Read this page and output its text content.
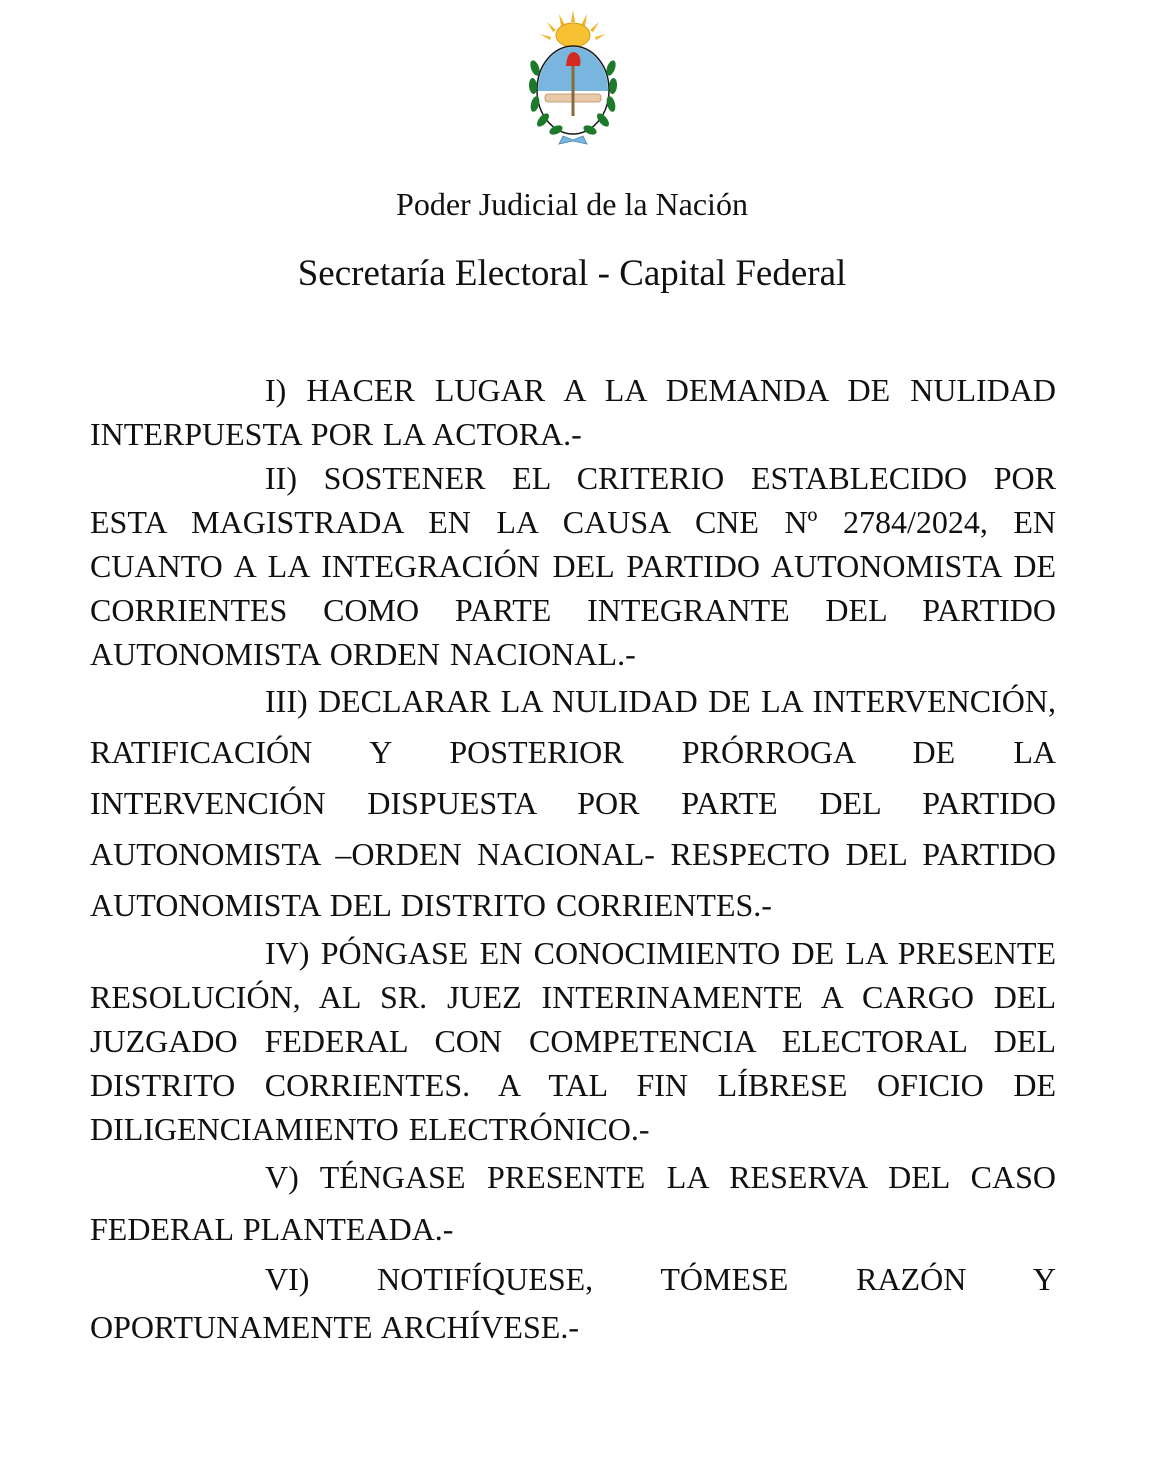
Poder Judicial de la Nación
Secretaría Electoral - Capital Federal

I) HACER LUGAR A LA DEMANDA DE NULIDAD INTERPUESTA POR LA ACTORA.-

II) SOSTENER EL CRITERIO ESTABLECIDO POR ESTA MAGISTRADA EN LA CAUSA CNE Nº 2784/2024, EN CUANTO A LA INTEGRACIÓN DEL PARTIDO AUTONOMISTA DE CORRIENTES COMO PARTE INTEGRANTE DEL PARTIDO AUTONOMISTA ORDEN NACIONAL.-

III) DECLARAR LA NULIDAD DE LA INTERVENCIÓN, RATIFICACIÓN Y POSTERIOR PRÓRROGA DE LA INTERVENCIÓN DISPUESTA POR PARTE DEL PARTIDO AUTONOMISTA –ORDEN NACIONAL- RESPECTO DEL PARTIDO AUTONOMISTA DEL DISTRITO CORRIENTES.-

IV) PÓNGASE EN CONOCIMIENTO DE LA PRESENTE RESOLUCIÓN, AL SR. JUEZ INTERINAMENTE A CARGO DEL JUZGADO FEDERAL CON COMPETENCIA ELECTORAL DEL DISTRITO CORRIENTES. A TAL FIN LÍBRESE OFICIO DE DILIGENCIAMIENTO ELECTRÓNICO.-

V) TÉNGASE PRESENTE LA RESERVA DEL CASO FEDERAL PLANTEADA.-

VI) NOTIFÍQUESE, TÓMESE RAZÓN Y OPORTUNAMENTE ARCHÍVESE.-
